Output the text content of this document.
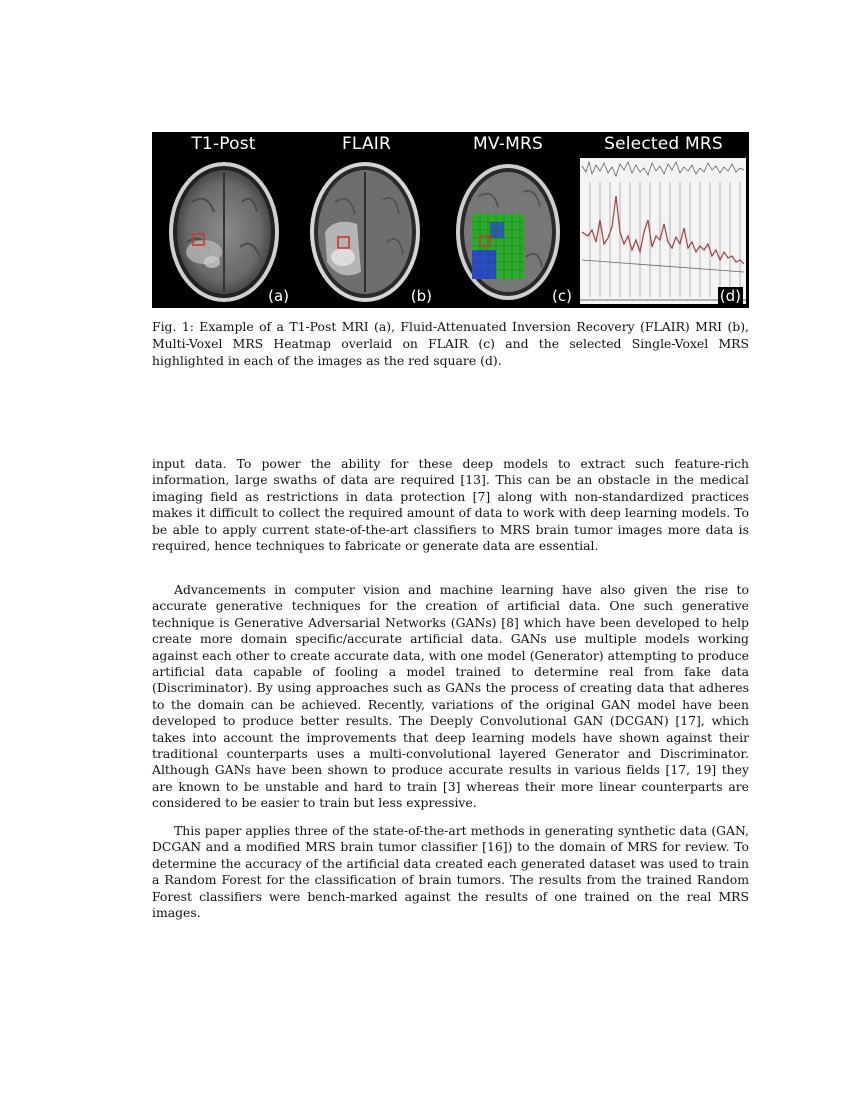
T1-Post
(a)
FLAIR
(b)
MV-MRS
(c)
Selected MRS
(d)
Fig. 1: Example of a T1-Post MRI (a), Fluid-Attenuated Inversion Recovery (FLAIR) MRI (b), Multi-Voxel MRS Heatmap overlaid on FLAIR (c) and the selected Single-Voxel MRS highlighted in each of the images as the red square (d).

input data. To power the ability for these deep models to extract such feature-rich information, large swaths of data are required [13]. This can be an obstacle in the medical imaging field as restrictions in data protection [7] along with non-standardized practices makes it difficult to collect the required amount of data to work with deep learning models. To be able to apply current state-of-the-art classifiers to MRS brain tumor images more data is required, hence techniques to fabricate or generate data are essential.

Advancements in computer vision and machine learning have also given the rise to accurate generative techniques for the creation of artificial data. One such generative technique is Generative Adversarial Networks (GANs) [8] which have been developed to help create more domain specific/accurate artificial data. GANs use multiple models working against each other to create accurate data, with one model (Generator) attempting to produce artificial data capable of fooling a model trained to determine real from fake data (Discriminator). By using approaches such as GANs the process of creating data that adheres to the domain can be achieved. Recently, variations of the original GAN model have been developed to produce better results. The Deeply Convolutional GAN (DCGAN) [17], which takes into account the improvements that deep learning models have shown against their traditional counterparts uses a multi-convolutional layered Generator and Discriminator. Although GANs have been shown to produce accurate results in various fields [17, 19] they are known to be unstable and hard to train [3] whereas their more linear counterparts are considered to be easier to train but less expressive.

This paper applies three of the state-of-the-art methods in generating synthetic data (GAN, DCGAN and a modified MRS brain tumor classifier [16]) to the domain of MRS for review. To determine the accuracy of the artificial data created each generated dataset was used to train a Random Forest for the classification of brain tumors. The results from the trained Random Forest classifiers were bench-marked against the results of one trained on the real MRS images.
